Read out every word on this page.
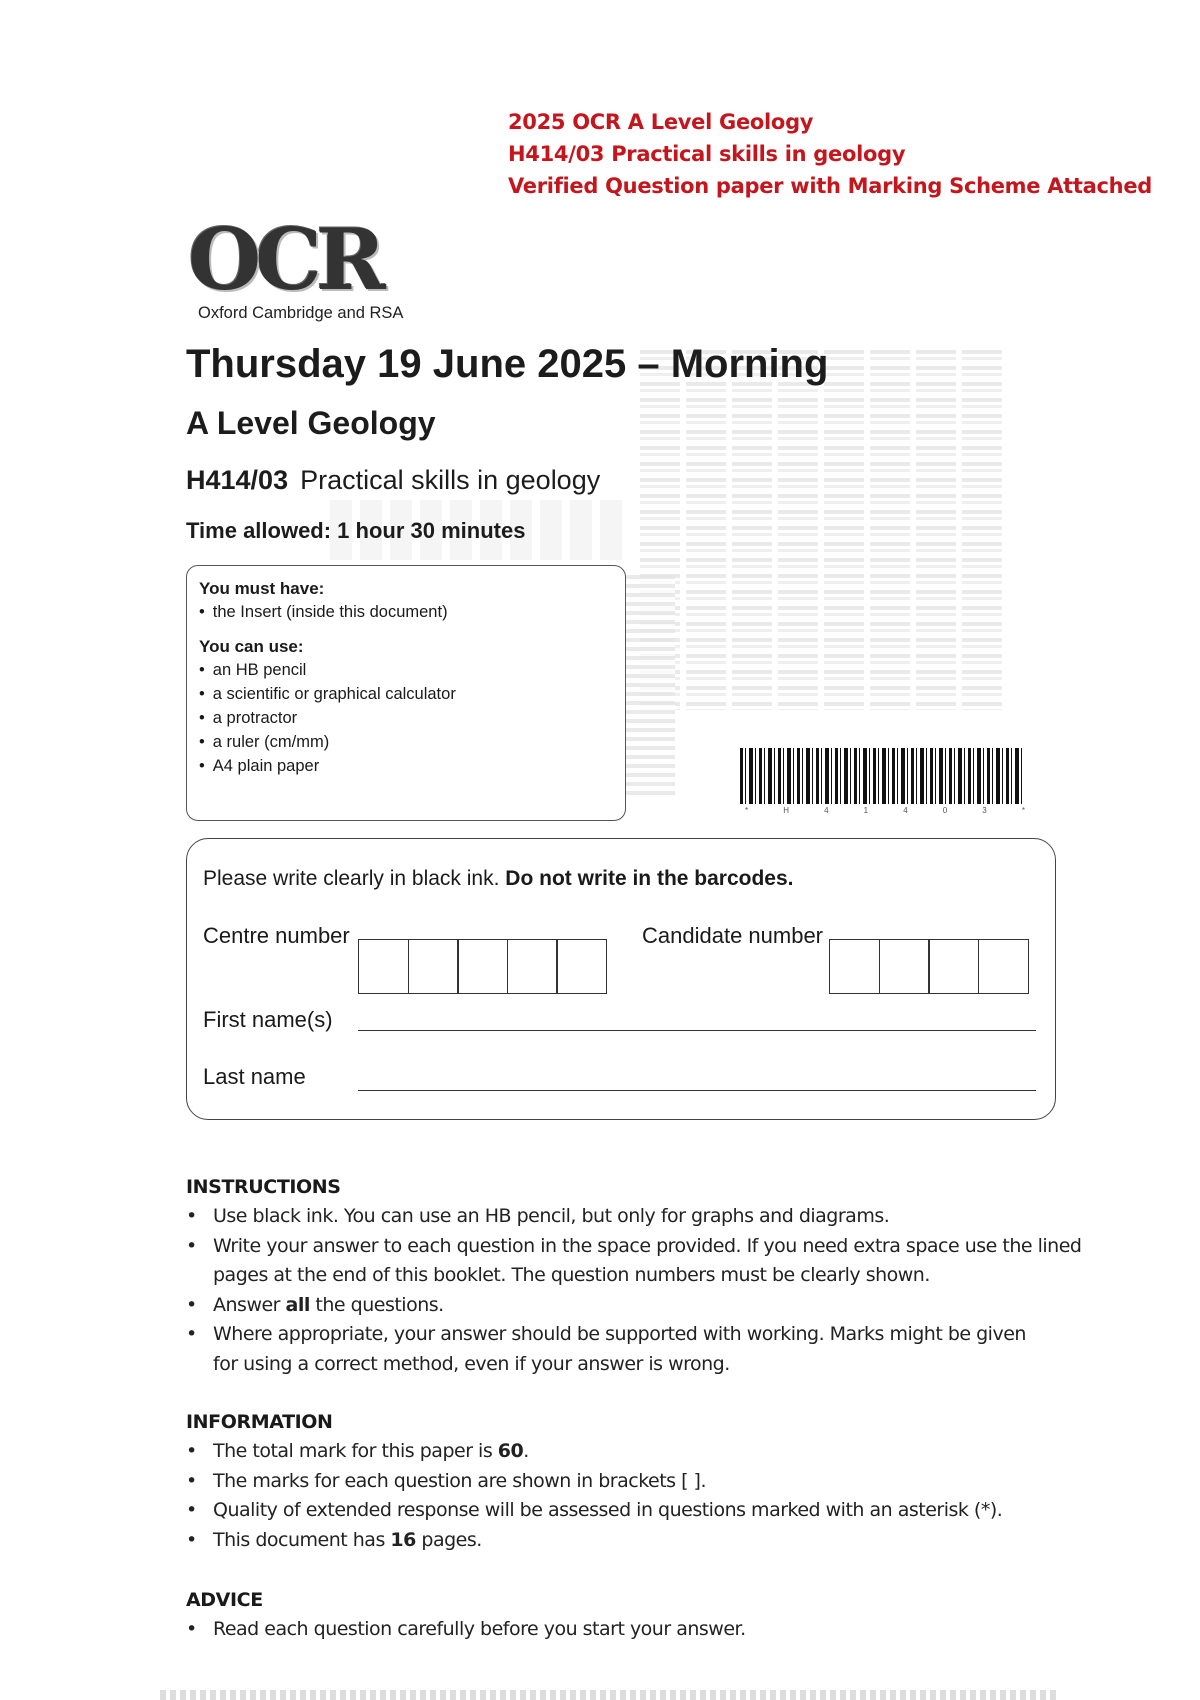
2025 OCR A Level Geology
H414/03 Practical skills in geology
Verified Question paper with Marking Scheme Attached
OCR
Oxford Cambridge and RSA
Thursday 19 June 2025 – Morning
A Level Geology
H414/03 Practical skills in geology
Time allowed: 1 hour 30 minutes
You must have:
• the Insert (inside this document)
You can use:
• an HB pencil
• a scientific or graphical calculator
• a protractor
• a ruler (cm/mm)
• A4 plain paper
*	H	4	1	4	0	3	*
Please write clearly in black ink. Do not write in the barcodes.
Centre number	Candidate number
First name(s)
Last name
INSTRUCTIONS
• Use black ink. You can use an HB pencil, but only for graphs and diagrams.
• Write your answer to each question in the space provided. If you need extra space use the lined
pages at the end of this booklet. The question numbers must be clearly shown.
• Answer all the questions.
• Where appropriate, your answer should be supported with working. Marks might be given
for using a correct method, even if your answer is wrong.
INFORMATION
• The total mark for this paper is 60.
• The marks for each question are shown in brackets [ ].
• Quality of extended response will be assessed in questions marked with an asterisk (*).
• This document has 16 pages.
ADVICE
• Read each question carefully before you start your answer.
